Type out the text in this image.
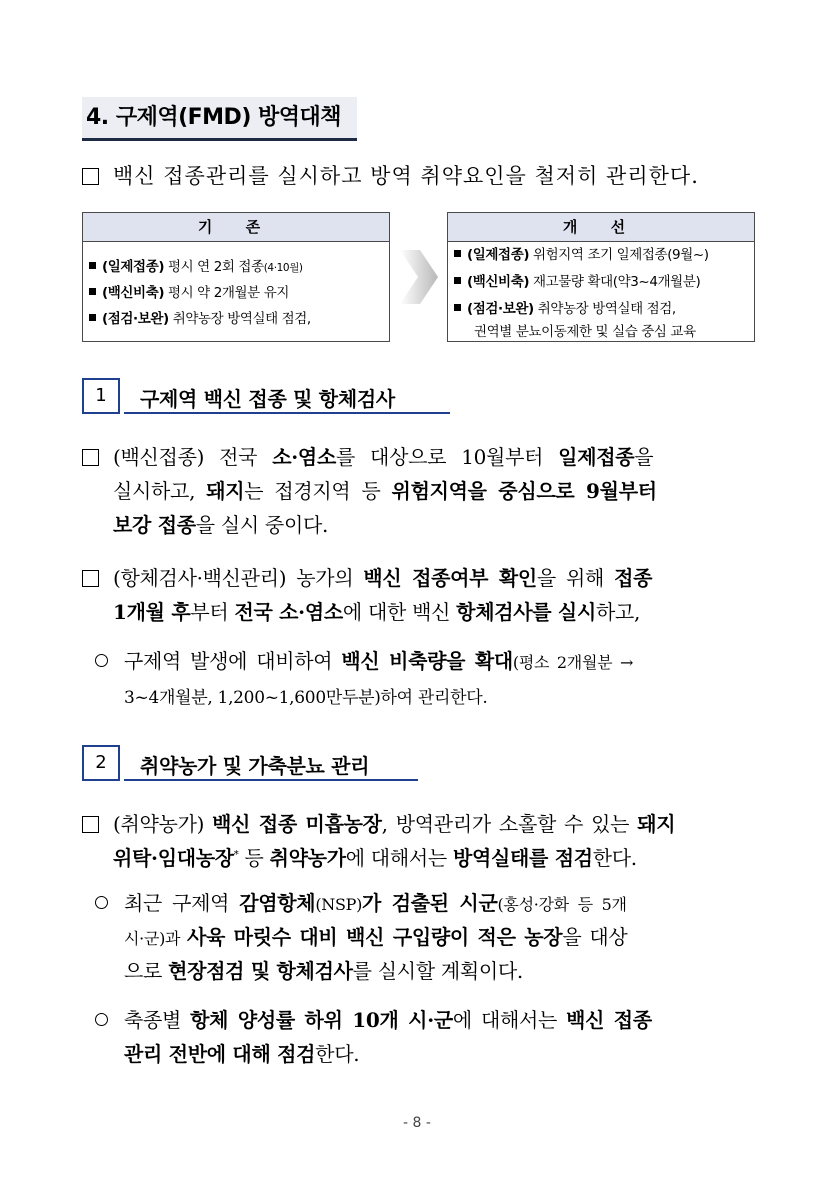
4. 구제역(FMD) 방역대책
백신 접종관리를 실시하고 방역 취약요인을 철저히 관리한다.
기 존
(일제접종) 평시 연 2회 접종(4·10월)
(백신비축) 평시 약 2개월분 유지
(점검·보완) 취약농장 방역실태 점검,
개 선
(일제접종) 위험지역 조기 일제접종(9월~)
(백신비축) 재고물량 확대(약3~4개월분)
(점검·보완) 취약농장 방역실태 점검,
권역별 분뇨이동제한 및 실습 중심 교육
1	구제역 백신 접종 및 항체검사
(백신접종) 전국 소·염소를 대상으로 10월부터 일제접종을
실시하고, 돼지는 접경지역 등 위험지역을 중심으로 9월부터
보강 접종을 실시 중이다.
(항체검사·백신관리) 농가의 백신 접종여부 확인을 위해 접종
1개월 후부터 전국 소·염소에 대한 백신 항체검사를 실시하고,
구제역 발생에 대비하여 백신 비축량을 확대(평소 2개월분 →
3~4개월분, 1,200~1,600만두분)하여 관리한다.
2	취약농가 및 가축분뇨 관리
(취약농가) 백신 접종 미흡농장, 방역관리가 소홀할 수 있는 돼지
위탁·임대농장* 등 취약농가에 대해서는 방역실태를 점검한다.
최근 구제역 감염항체(NSP)가 검출된 시군(홍성·강화 등 5개
시·군)과 사육 마릿수 대비 백신 구입량이 적은 농장을 대상
으로 현장점검 및 항체검사를 실시할 계획이다.
축종별 항체 양성률 하위 10개 시·군에 대해서는 백신 접종
관리 전반에 대해 점검한다.
- 8 -
